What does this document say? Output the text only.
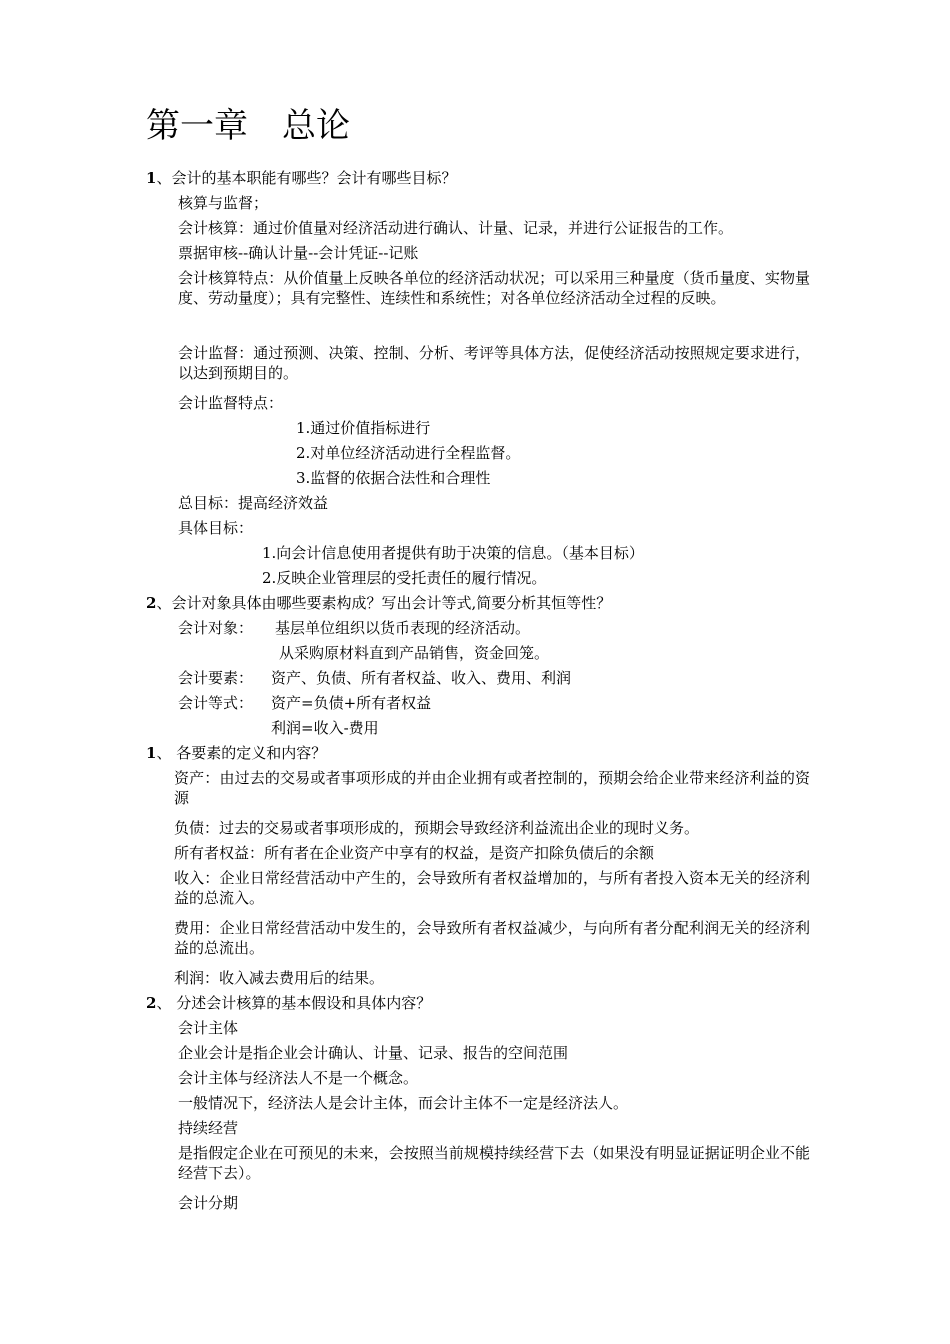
第一章 总论

1、会计的基本职能有哪些？会计有哪些目标？

核算与监督；

会计核算：通过价值量对经济活动进行确认、计量、记录，并进行公证报告的工作。

票据审核--确认计量--会计凭证--记账

会计核算特点：从价值量上反映各单位的经济活动状况；可以采用三种量度（货币量度、实物量度、劳动量度）；具有完整性、连续性和系统性；对各单位经济活动全过程的反映。

会计监督：通过预测、决策、控制、分析、考评等具体方法，促使经济活动按照规定要求进行，以达到预期目的。

会计监督特点：

1.通过价值指标进行

2.对单位经济活动进行全程监督。

3.监督的依据合法性和合理性

总目标：提高经济效益

具体目标：

1.向会计信息使用者提供有助于决策的信息。（基本目标）

2.反映企业管理层的受托责任的履行情况。

2、会计对象具体由哪些要素构成？写出会计等式,简要分析其恒等性？

会计对象： 基层单位组织以货币表现的经济活动。

从采购原材料直到产品销售，资金回笼。

会计要素： 资产、负债、所有者权益、收入、费用、利润

会计等式： 资产=负债+所有者权益

利润=收入-费用

1、 各要素的定义和内容？

资产：由过去的交易或者事项形成的并由企业拥有或者控制的，预期会给企业带来经济利益的资源

负债：过去的交易或者事项形成的，预期会导致经济利益流出企业的现时义务。

所有者权益：所有者在企业资产中享有的权益，是资产扣除负债后的余额

收入：企业日常经营活动中产生的，会导致所有者权益增加的，与所有者投入资本无关的经济利益的总流入。

费用：企业日常经营活动中发生的，会导致所有者权益减少，与向所有者分配利润无关的经济利益的总流出。

利润：收入减去费用后的结果。

2、 分述会计核算的基本假设和具体内容？

会计主体

企业会计是指企业会计确认、计量、记录、报告的空间范围

会计主体与经济法人不是一个概念。

一般情况下，经济法人是会计主体，而会计主体不一定是经济法人。

持续经营

是指假定企业在可预见的未来，会按照当前规模持续经营下去（如果没有明显证据证明企业不能经营下去）。

会计分期
